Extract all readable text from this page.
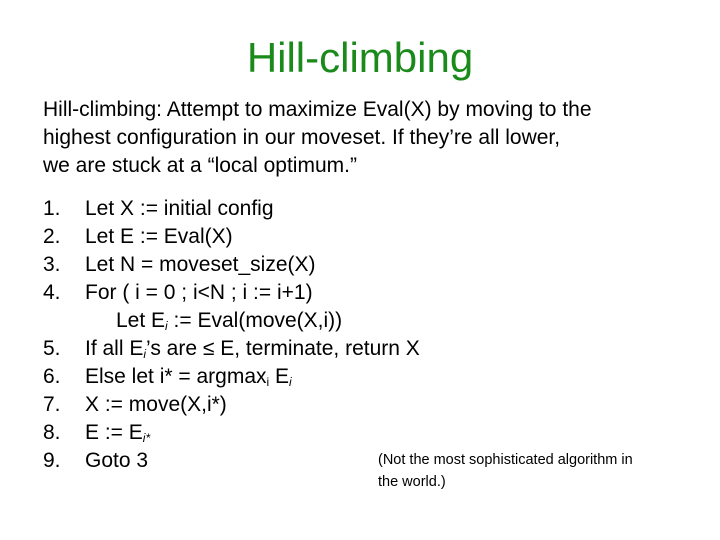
Hill-climbing
Hill-climbing: Attempt to maximize Eval(X) by moving to the
highest configuration in our moveset. If they’re all lower,
we are stuck at a “local optimum.”
1.	Let X := initial config
2.	Let E := Eval(X)
3.	Let N = moveset_size(X)
4.	For ( i = 0 ; i<N ; i := i+1)
Let $E_i$ := Eval(move(X,i))
5.	If all $E_i’s$ are ≤ E, terminate, return X
6.	Else let i* = argmax$_i$ $E_i$
7.	X := move(X,i*)
8.	E := $E_{i*}$
9.	Goto 3	(Not the most sophisticated algorithm in
the world.)
